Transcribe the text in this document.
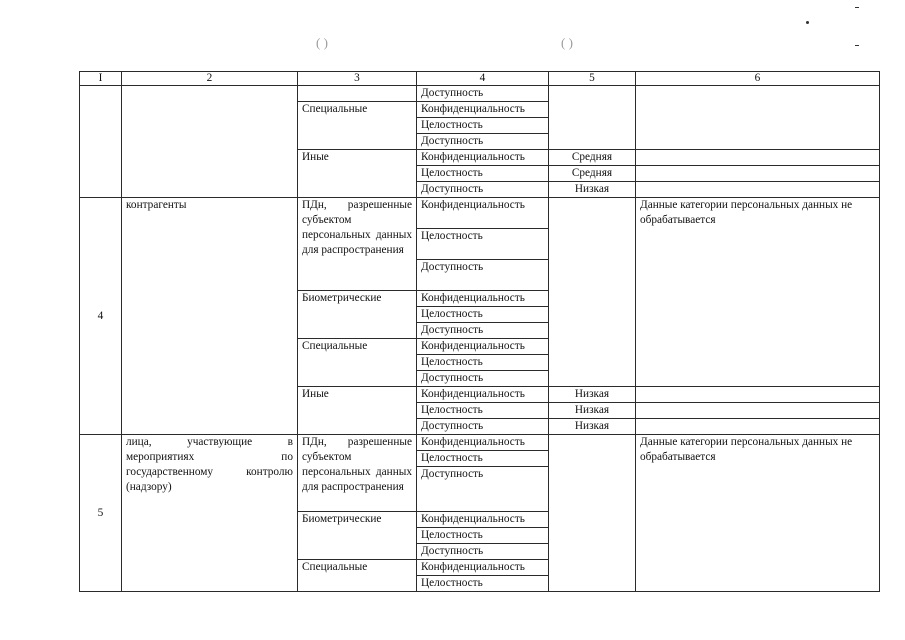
( )	( )
I	2	3	4	5	6
			Доступность		
		Специальные	Конфиденциальность		
			Целостность		
			Доступность		
		Иные	Конфиденциальность	Средняя	
			Целостность	Средняя	
			Доступность	Низкая	
4	контрагенты	ПДн, разрешенные субъектом персональных данных для распространения	Конфиденциальность		Данные категории персональных данных не обрабатывается
			Целостность		
			Доступность		
		Биометрические	Конфиденциальность		
			Целостность		
			Доступность		
		Специальные	Конфиденциальность		
			Целостность		
			Доступность		
		Иные	Конфиденциальность	Низкая	
			Целостность	Низкая	
			Доступность	Низкая	
5	лица, участвующие в мероприятиях по государственному контролю (надзору)	ПДн, разрешенные субъектом персональных данных для распространения	Конфиденциальность		Данные категории персональных данных не обрабатывается
			Целостность		
			Доступность		
		Биометрические	Конфиденциальность		
			Целостность		
			Доступность		
		Специальные	Конфиденциальность		
			Целостность		
